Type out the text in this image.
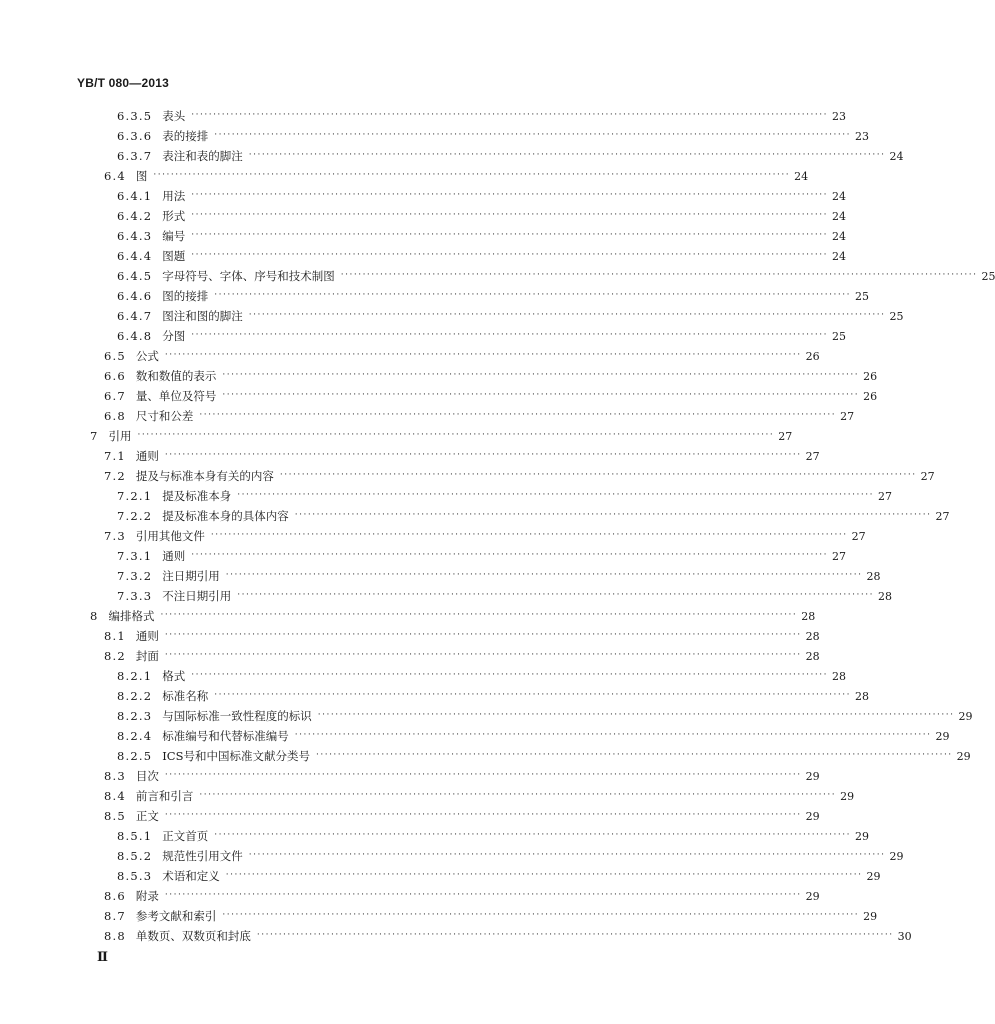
YB/T 080—2013
6.3.5 表头 ·················································································································································· 23
6.3.6 表的接排 ·················································································································································· 23
6.3.7 表注和表的脚注 ·················································································································································· 24
6.4 图 ·················································································································································· 24
6.4.1 用法 ·················································································································································· 24
6.4.2 形式 ·················································································································································· 24
6.4.3 编号 ·················································································································································· 24
6.4.4 图题 ·················································································································································· 24
6.4.5 字母符号、字体、序号和技术制图 ·················································································································································· 25
6.4.6 图的接排 ·················································································································································· 25
6.4.7 图注和图的脚注 ·················································································································································· 25
6.4.8 分图 ·················································································································································· 25
6.5 公式 ·················································································································································· 26
6.6 数和数值的表示 ·················································································································································· 26
6.7 量、单位及符号 ·················································································································································· 26
6.8 尺寸和公差 ·················································································································································· 27
7 引用 ·················································································································································· 27
7.1 通则 ·················································································································································· 27
7.2 提及与标准本身有关的内容 ·················································································································································· 27
7.2.1 提及标准本身 ·················································································································································· 27
7.2.2 提及标准本身的具体内容 ·················································································································································· 27
7.3 引用其他文件 ·················································································································································· 27
7.3.1 通则 ·················································································································································· 27
7.3.2 注日期引用 ·················································································································································· 28
7.3.3 不注日期引用 ·················································································································································· 28
8 编排格式 ·················································································································································· 28
8.1 通则 ·················································································································································· 28
8.2 封面 ·················································································································································· 28
8.2.1 格式 ·················································································································································· 28
8.2.2 标准名称 ·················································································································································· 28
8.2.3 与国际标准一致性程度的标识 ·················································································································································· 29
8.2.4 标准编号和代替标准编号 ·················································································································································· 29
8.2.5 ICS号和中国标准文献分类号 ·················································································································································· 29
8.3 目次 ·················································································································································· 29
8.4 前言和引言 ·················································································································································· 29
8.5 正文 ·················································································································································· 29
8.5.1 正文首页 ·················································································································································· 29
8.5.2 规范性引用文件 ·················································································································································· 29
8.5.3 术语和定义 ·················································································································································· 29
8.6 附录 ·················································································································································· 29
8.7 参考文献和索引 ·················································································································································· 29
8.8 单数页、双数页和封底 ·················································································································································· 30
Ⅱ
